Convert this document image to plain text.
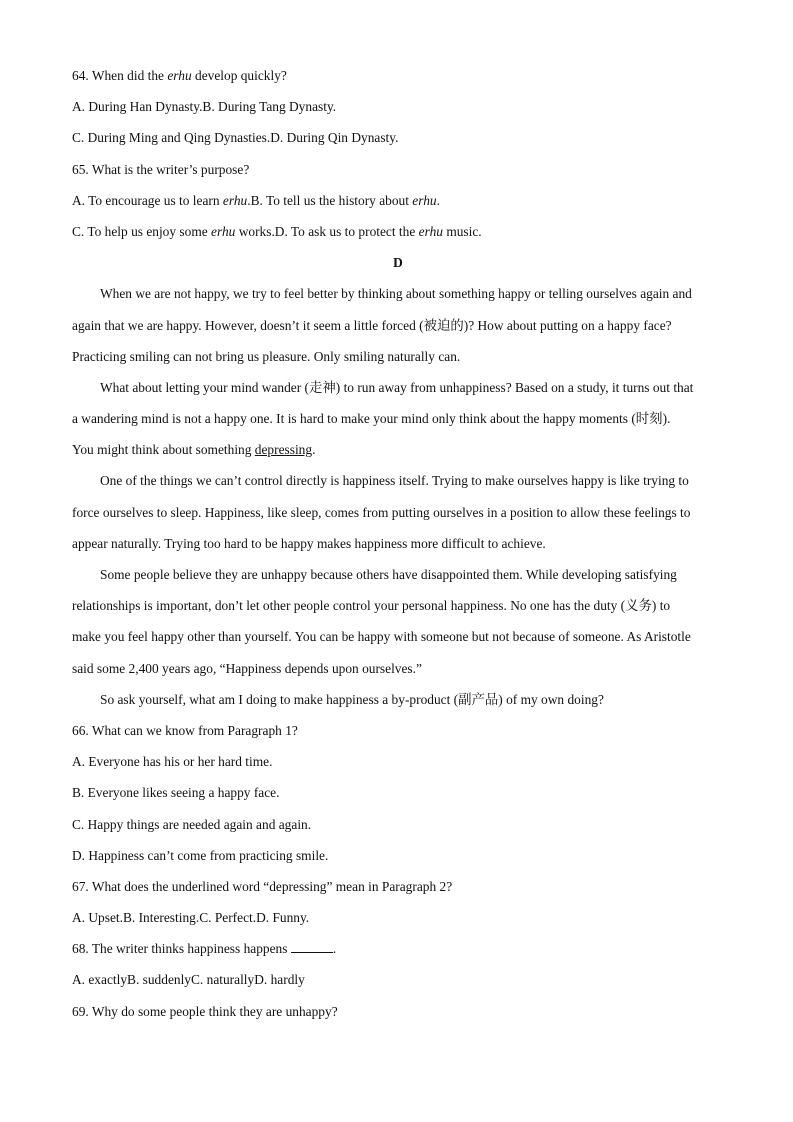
64. When did the erhu develop quickly?
A. During Han Dynasty.B. During Tang Dynasty.
C. During Ming and Qing Dynasties.D. During Qin Dynasty.
65. What is the writer’s purpose?
A. To encourage us to learn erhu.B. To tell us the history about erhu.
C. To help us enjoy some erhu works.D. To ask us to protect the erhu music.
D
When we are not happy, we try to feel better by thinking about something happy or telling ourselves again and
again that we are happy. However, doesn’t it seem a little forced (被迫的)? How about putting on a happy face?
Practicing smiling can not bring us pleasure. Only smiling naturally can.
What about letting your mind wander (走神) to run away from unhappiness? Based on a study, it turns out that
a wandering mind is not a happy one. It is hard to make your mind only think about the happy moments (时刻).
You might think about something depressing.
One of the things we can’t control directly is happiness itself. Trying to make ourselves happy is like trying to
force ourselves to sleep. Happiness, like sleep, comes from putting ourselves in a position to allow these feelings to
appear naturally. Trying too hard to be happy makes happiness more difficult to achieve.
Some people believe they are unhappy because others have disappointed them. While developing satisfying
relationships is important, don’t let other people control your personal happiness. No one has the duty (义务) to
make you feel happy other than yourself. You can be happy with someone but not because of someone. As Aristotle
said some 2,400 years ago, “Happiness depends upon ourselves.”
So ask yourself, what am I doing to make happiness a by-product (副产品) of my own doing?
66. What can we know from Paragraph 1?
A. Everyone has his or her hard time.
B. Everyone likes seeing a happy face.
C. Happy things are needed again and again.
D. Happiness can’t come from practicing smile.
67. What does the underlined word “depressing” mean in Paragraph 2?
A. Upset.B. Interesting.C. Perfect.D. Funny.
68. The writer thinks happiness happens	.
A. exactlyB. suddenlyC. naturallyD. hardly
69. Why do some people think they are unhappy?
